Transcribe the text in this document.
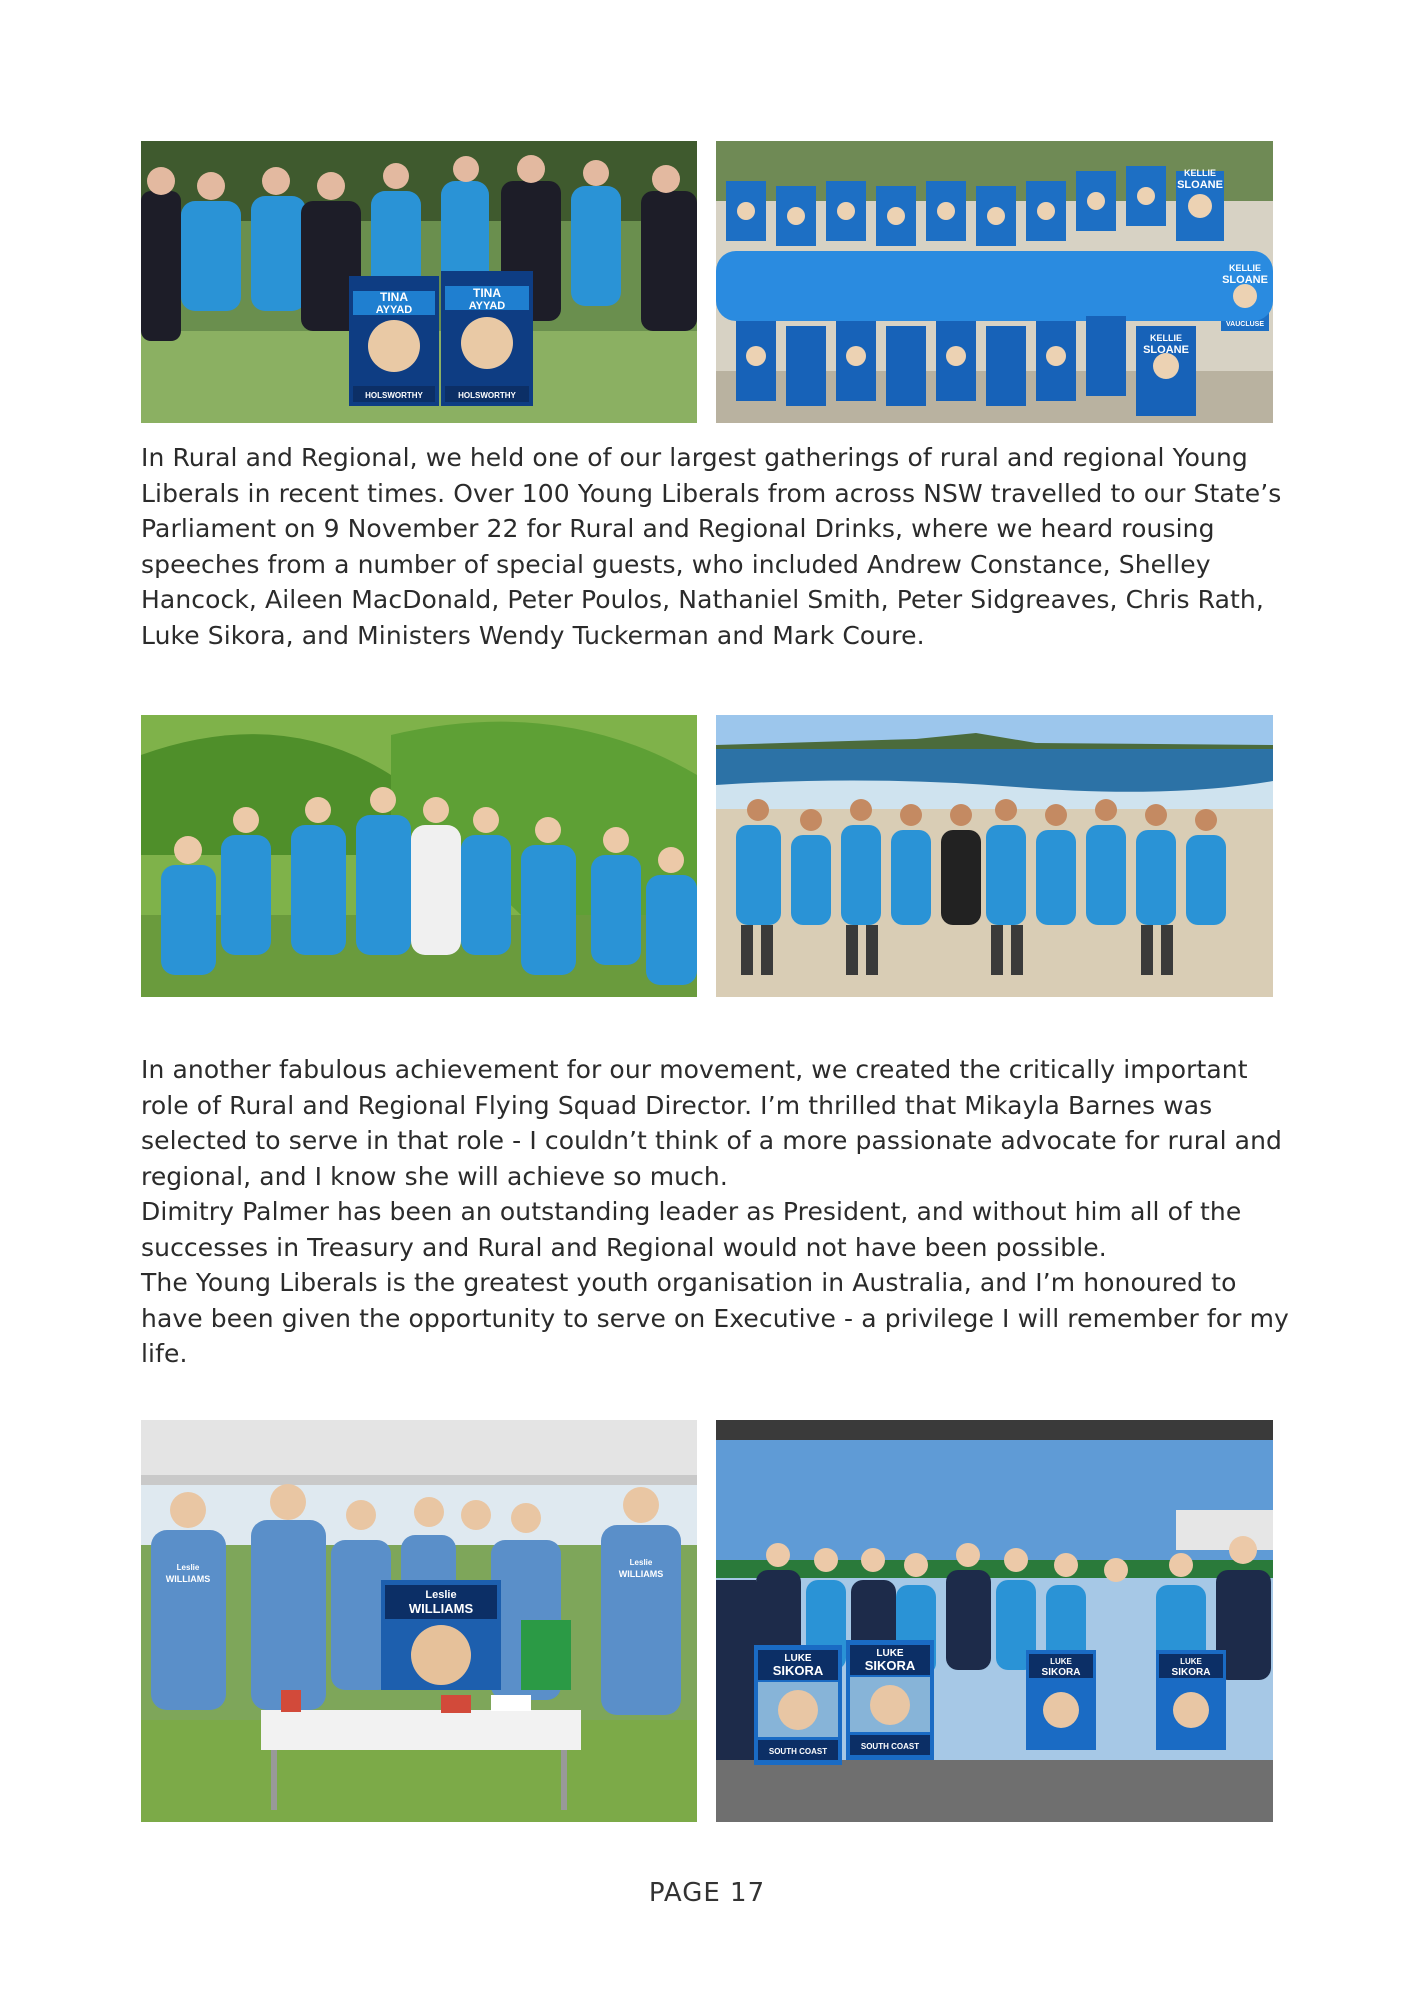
TINA
AYYAD
HOLSWORTHY
TINA
AYYAD
HOLSWORTHY
KELLIE
SLOANE
KELLIE
SLOANE
KELLIE
SLOANE
VAUCLUSE

In Rural and Regional, we held one of our largest gatherings of rural and regional Young Liberals in recent times. Over 100 Young Liberals from across NSW travelled to our State’s Parliament on 9 November 22 for Rural and Regional Drinks, where we heard rousing speeches from a number of special guests, who included Andrew Constance, Shelley Hancock, Aileen MacDonald, Peter Poulos, Nathaniel Smith, Peter Sidgreaves, Chris Rath, Luke Sikora, and Ministers Wendy Tuckerman and Mark Coure.

In another fabulous achievement for our movement, we created the critically important role of Rural and Regional Flying Squad Director. I’m thrilled that Mikayla Barnes was selected to serve in that role - I couldn’t think of a more passionate advocate for rural and regional, and I know she will achieve so much.

Dimitry Palmer has been an outstanding leader as President, and without him all of the successes in Treasury and Rural and Regional would not have been possible.

The Young Liberals is the greatest youth organisation in Australia, and I’m honoured to have been given the opportunity to serve on Executive - a privilege I will remember for my life.

Leslie
WILLIAMS
Leslie
WILLIAMS
Leslie
WILLIAMS
LUKE
SIKORA
SOUTH COAST
LUKE
SIKORA
SOUTH COAST
LUKE
SIKORA
LUKE
SIKORA
PAGE 17
